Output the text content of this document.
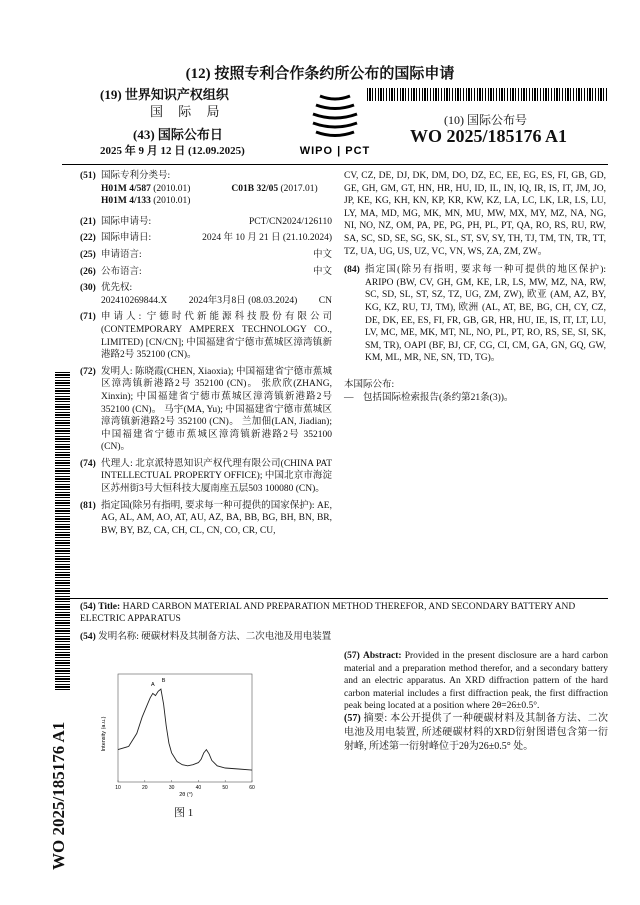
(12) 按照专利合作条约所公布的国际申请
(19) 世界知识产权组织
国 际 局
(43) 国际公布日
2025 年 9 月 12 日 (12.09.2025)	WIPO | PCT
(10) 国际公布号
WO 2025/185176 A1
WO 2025/185176 A1
(51) 国际专利分类号:
H01M 4/587 (2010.01)	C01B 32/05 (2017.01)
H01M 4/133 (2010.01)
(21) 国际申请号:	PCT/CN2024/126110
(22) 国际申请日:	2024 年 10 月 21 日 (21.10.2024)
(25) 申请语言:	中文
(26) 公布语言:	中文
(30) 优先权:
202410269844.X 2024年3月8日 (08.03.2024) CN
(71) 申请人: 宁德时代新能源科技股份有限公司 (CONTEMPORARY AMPEREX TECHNOLOGY CO., LIMITED) [CN/CN]; 中国福建省宁德市蕉城区漳湾镇新港路2号 352100 (CN)。
(72) 发明人: 陈晓霞(CHEN, Xiaoxia); 中国福建省宁德市蕉城区漳湾镇新港路2号 352100 (CN)。 张欣欣(ZHANG, Xinxin); 中国福建省宁德市蕉城区漳湾镇新港路2号 352100 (CN)。 马宇(MA, Yu); 中国福建省宁德市蕉城区漳湾镇新港路2号 352100 (CN)。 兰加佃(LAN, Jiadian); 中国福建省宁德市蕉城区漳湾镇新港路2号 352100 (CN)。
(74) 代理人: 北京派特恩知识产权代理有限公司(CHINA PAT INTELLECTUAL PROPERTY OFFICE); 中国北京市海淀区苏州街3号大恒科技大厦南座五层503 100080 (CN)。
(81) 指定国(除另有指明, 要求每一种可提供的国家保护): AE, AG, AL, AM, AO, AT, AU, AZ, BA, BB, BG, BH, BN, BR, BW, BY, BZ, CA, CH, CL, CN, CO, CR, CU,
CV, CZ, DE, DJ, DK, DM, DO, DZ, EC, EE, EG, ES, FI, GB, GD, GE, GH, GM, GT, HN, HR, HU, ID, IL, IN, IQ, IR, IS, IT, JM, JO, JP, KE, KG, KH, KN, KP, KR, KW, KZ, LA, LC, LK, LR, LS, LU, LY, MA, MD, MG, MK, MN, MU, MW, MX, MY, MZ, NA, NG, NI, NO, NZ, OM, PA, PE, PG, PH, PL, PT, QA, RO, RS, RU, RW, SA, SC, SD, SE, SG, SK, SL, ST, SV, SY, TH, TJ, TM, TN, TR, TT, TZ, UA, UG, US, UZ, VC, VN, WS, ZA, ZM, ZW。
(84) 指定国(除另有指明, 要求每一种可提供的地区保护): ARIPO (BW, CV, GH, GM, KE, LR, LS, MW, MZ, NA, RW, SC, SD, SL, ST, SZ, TZ, UG, ZM, ZW), 欧亚 (AM, AZ, BY, KG, KZ, RU, TJ, TM), 欧洲 (AL, AT, BE, BG, CH, CY, CZ, DE, DK, EE, ES, FI, FR, GB, GR, HR, HU, IE, IS, IT, LT, LU, LV, MC, ME, MK, MT, NL, NO, PL, PT, RO, RS, SE, SI, SK, SM, TR), OAPI (BF, BJ, CF, CG, CI, CM, GA, GN, GQ, GW, KM, ML, MR, NE, SN, TD, TG)。
本国际公布:
—　包括国际检索报告(条约第21条(3))。
(54) Title: HARD CARBON MATERIAL AND PREPARATION METHOD THEREFOR, AND SECONDARY BATTERY AND ELECTRIC APPARATUS
(54) 发明名称: 硬碳材料及其制备方法、二次电池及用电装置
Intensity (a.u.)
2θ (°)
10	20	30	40	50	60
A
B
图 1
(57) Abstract: Provided in the present disclosure are a hard carbon material and a preparation method therefor, and a secondary battery and an electric apparatus. An XRD diffraction pattern of the hard carbon material includes a first diffraction peak, the first diffraction peak being located at a position where 2θ=26±0.5°.
(57) 摘要: 本公开提供了一种硬碳材料及其制备方法、二次电池及用电装置, 所述硬碳材料的XRD衍射图谱包含第一衍射峰, 所述第一衍射峰位于2θ为26±0.5° 处。
